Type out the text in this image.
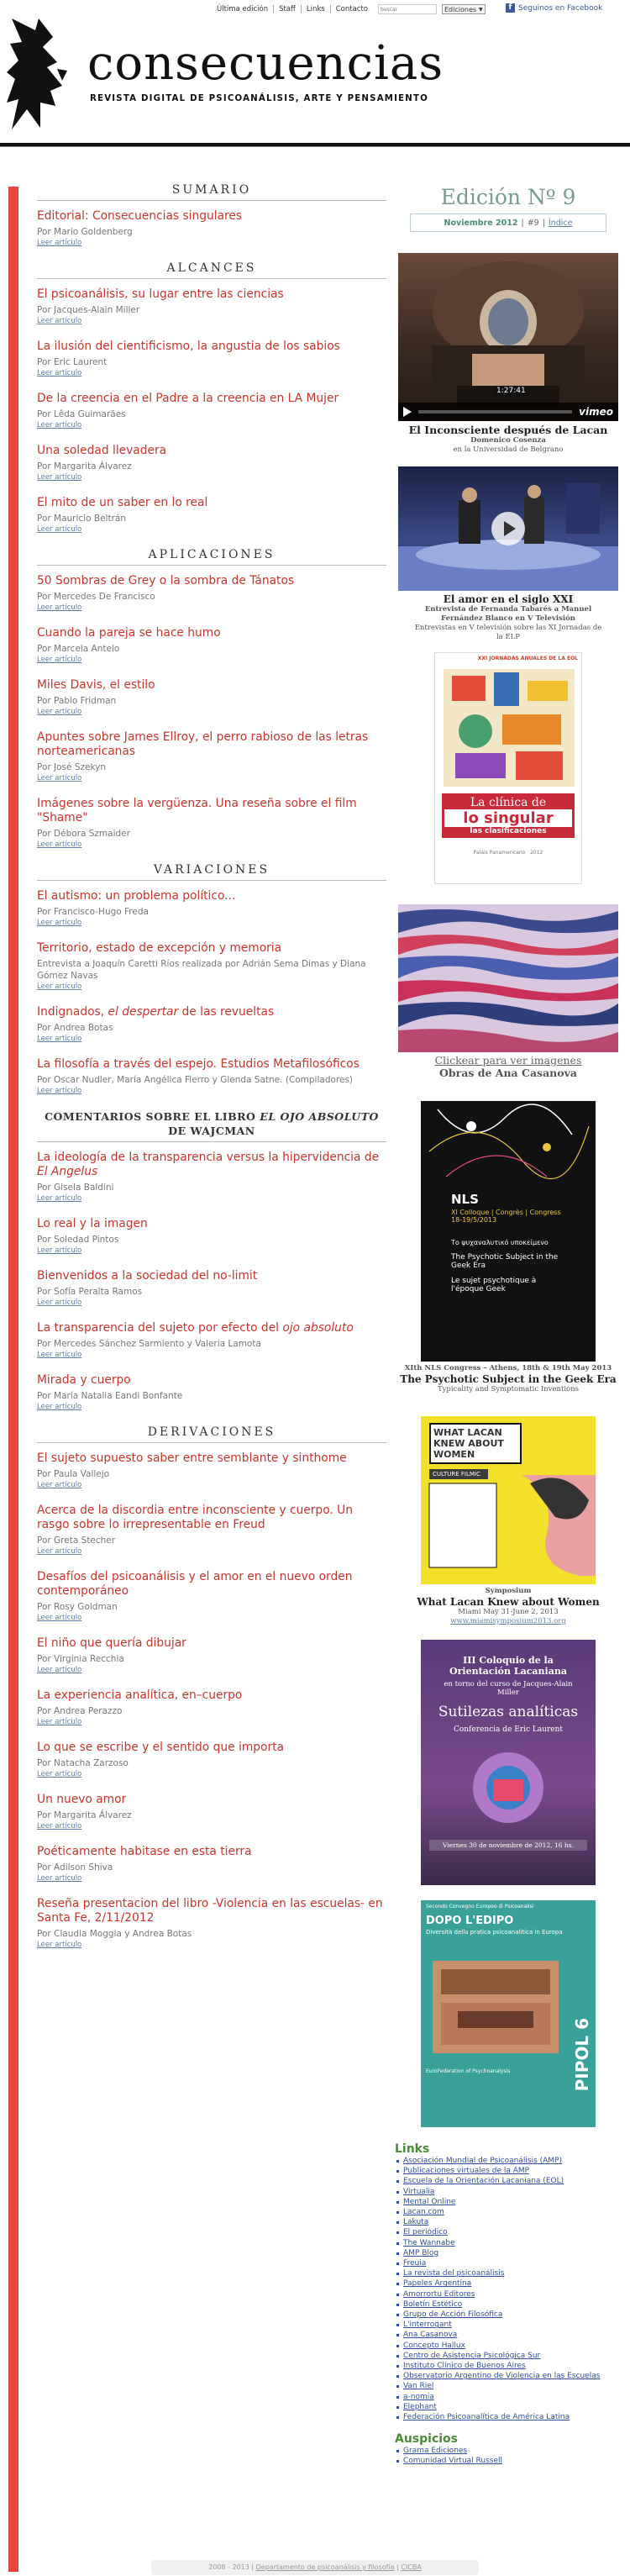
Última edición	Staff	Links	Contacto
buscar	Ediciones ▼	f Seguinos en Facebook
consecuencias
REVISTA DIGITAL DE PSICOANÁLISIS, ARTE Y PENSAMIENTO
SUMARIO
Editorial: Consecuencias singulares
Por Mario Goldenberg
Leer artículo
ALCANCES
El psicoanálisis, su lugar entre las ciencias
Por Jacques-Alain Miller
Leer artículo
La ilusión del cientificismo, la angustia de los sabios
Por Eric Laurent
Leer artículo
De la creencia en el Padre a la creencia en LA Mujer
Por Lêda Guimarães
Leer artículo
Una soledad llevadera
Por Margarita Álvarez
Leer artículo
El mito de un saber en lo real
Por Mauricio Beltrán
Leer artículo
APLICACIONES
50 Sombras de Grey o la sombra de Tánatos
Por Mercedes De Francisco
Leer artículo
Cuando la pareja se hace humo
Por Marcela Antelo
Leer artículo
Miles Davis, el estilo
Por Pablo Fridman
Leer artículo
Apuntes sobre James Ellroy, el perro rabioso de las letras norteamericanas
Por José Szekyn
Leer artículo
Imágenes sobre la vergüenza. Una reseña sobre el film "Shame"
Por Débora Szmaider
Leer artículo
VARIACIONES
El autismo: un problema político...
Por Francisco-Hugo Freda
Leer artículo
Territorio, estado de excepción y memoria
Entrevista a Joaquín Caretti Ríos realizada por Adrián Sema Dimas y Diana Gómez Navas
Leer artículo
Indignados, el despertar de las revueltas
Por Andrea Botas
Leer artículo
La filosofía a través del espejo. Estudios Metafilosóficos
Por Oscar Nudler, María Angélica Fierro y Glenda Satne. (Compiladores)
Leer artículo
COMENTARIOS SOBRE EL LIBRO EL OJO ABSOLUTO DE WAJCMAN
La ideología de la transparencia versus la hipervidencia de El Angelus
Por Gisela Baldini
Leer artículo
Lo real y la imagen
Por Soledad Pintos
Leer artículo
Bienvenidos a la sociedad del no-limit
Por Sofía Peralta Ramos
Leer artículo
La transparencia del sujeto por efecto del ojo absoluto
Por Mercedes Sánchez Sarmiento y Valeria Lamota
Leer artículo
Mirada y cuerpo
Por María Natalia Eandi Bonfante
Leer artículo
DERIVACIONES
El sujeto supuesto saber entre semblante y sinthome
Por Paula Vallejo
Leer artículo
Acerca de la discordia entre inconsciente y cuerpo. Un rasgo sobre lo irrepresentable en Freud
Por Greta Stecher
Leer artículo
Desafíos del psicoanálisis y el amor en el nuevo orden contemporáneo
Por Rosy Goldman
Leer artículo
El niño que quería dibujar
Por Virginia Recchia
Leer artículo
La experiencia analítica, en–cuerpo
Por Andrea Perazzo
Leer artículo
Lo que se escribe y el sentido que importa
Por Natacha Zarzoso
Leer artículo
Un nuevo amor
Por Margarita Álvarez
Leer artículo
Poéticamente habitase en esta tierra
Por Adilson Shiva
Leer artículo
Reseña presentacion del libro -Violencia en las escuelas- en Santa Fe, 2/11/2012
Por Claudia Moggia y Andrea Botas
Leer artículo
Edición Nº 9
Noviembre 2012 | #9 | Índice
1:27:41
vimeo
El Inconsciente después de Lacan
Domenico Cosenza
en la Universidad de Belgrano
El amor en el siglo XXI
Entrevista de Fernanda Tabarés a Manuel Fernández Blanco en V Televisión
Entrevistas en V televisión sobre las XI Jornadas de la ELP
XXI JORNADAS ANUALES DE LA EOL
La clínica de
lo singular
las clasificaciones
Palais Panamericano · 2012
Clickear para ver imagenes
Obras de Ana Casanova
NLS
XI Colloque | Congrès | Congress 18-19/5/2013
Το ψυχαναλυτικό υποκείμενο
The Psychotic Subject in the Geek Era
Le sujet psychotique à l'époque Geek
XIth NLS Congress – Athens, 18th & 19th May 2013
The Psychotic Subject in the Geek Era
Typicality and Symptomatic Inventions
WHAT LACAN KNEW ABOUT WOMEN
CULTURE FILMIC
Symposium
What Lacan Knew about Women
Miami May 31-June 2, 2013
www.miamisymposium2013.org
III Coloquio de la Orientación Lacaniana
en torno del curso de Jacques-Alain Miller
Sutilezas analíticas
Conferencia de Eric Laurent
Viernes 30 de noviembre de 2012, 16 hs.
Secondo Convegno Europeo di Psicoanalisi
DOPO L'EDIPO
Diversità della pratica psicoanalitica in Europa
PIPOL 6
EuroFederation of Psychoanalysis
Links
Asociación Mundial de Psicoanálisis (AMP)
Publicaciones virtuales de la AMP
Escuela de la Orientación Lacaniana (EOL)
Virtualia
Mental Online
Lacan.com
Lakuta
El periódico
The Wannabe
AMP Blog
Freuia
La revista del psicoanálisis
Papeles Argentina
Amorrortu Editores
Boletín Estético
Grupo de Acción Filosófica
L'interrogant
Ana Casanova
Concepto Hallux
Centro de Asistencia Psicológica Sur
Instituto Clínico de Buenos Aires
Observatorio Argentino de Violencia en las Escuelas
Van Riel
a-nomia
Elephant
Federación Psicoanalítica de América Latina
Auspicios
Grama Ediciones
Comunidad Virtual Russell
2008 - 2013 | Departamento de psicoanálisis y filosofía | CICBA
